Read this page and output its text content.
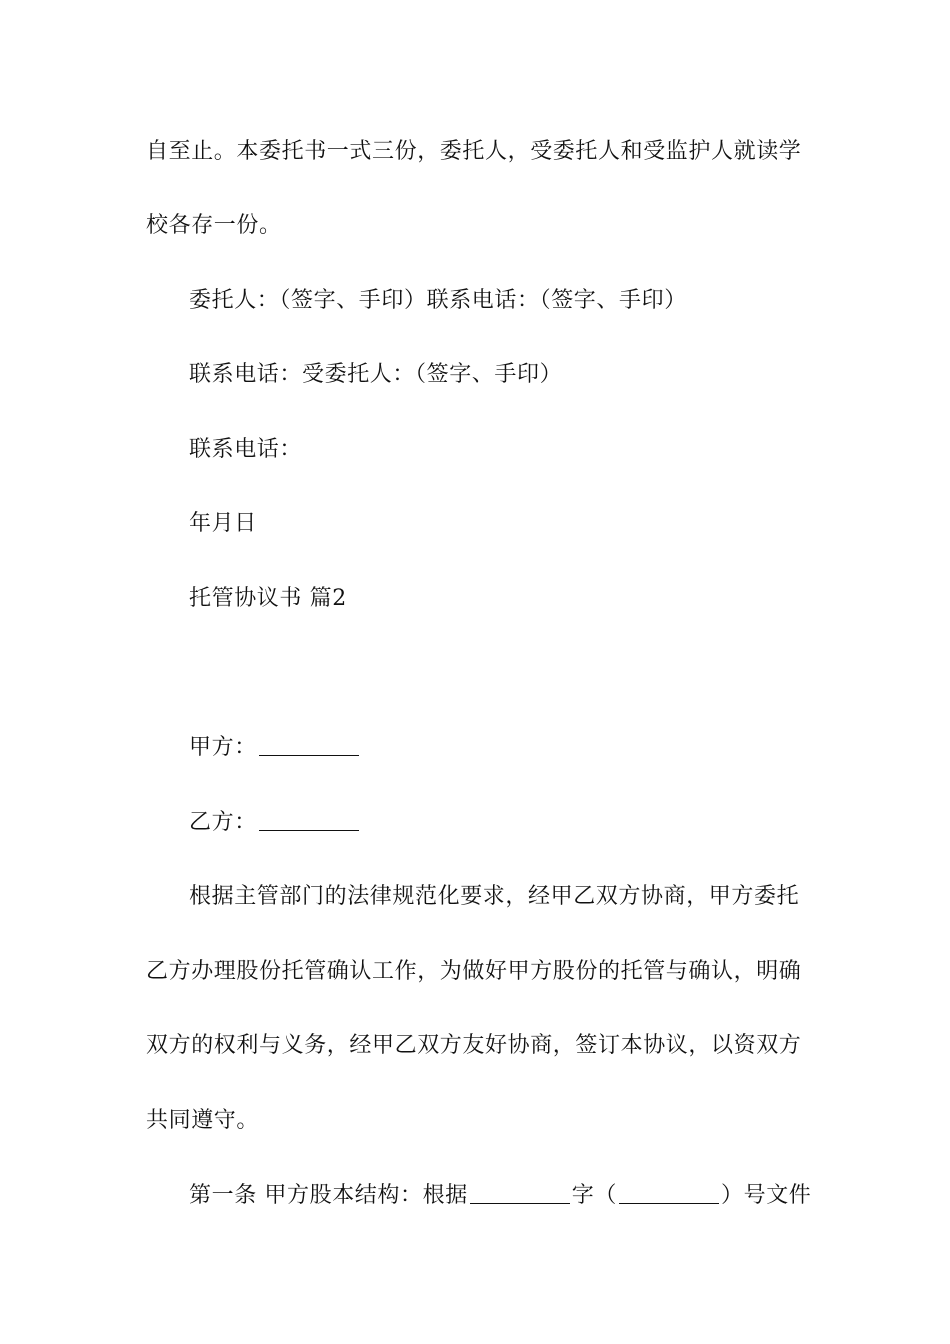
自至止。本委托书一式三份，委托人，受委托人和受监护人就读学
校各存一份。
委托人：（签字、手印）联系电话：（签字、手印）
联系电话：受委托人：（签字、手印）
联系电话：
年月日
托管协议书 篇2
甲方：
乙方：
根据主管部门的法律规范化要求，经甲乙双方协商，甲方委托
乙方办理股份托管确认工作，为做好甲方股份的托管与确认，明确
双方的权利与义务，经甲乙双方友好协商，签订本协议，以资双方
共同遵守。
第一条 甲方股本结构：根据	字（	）号文件
